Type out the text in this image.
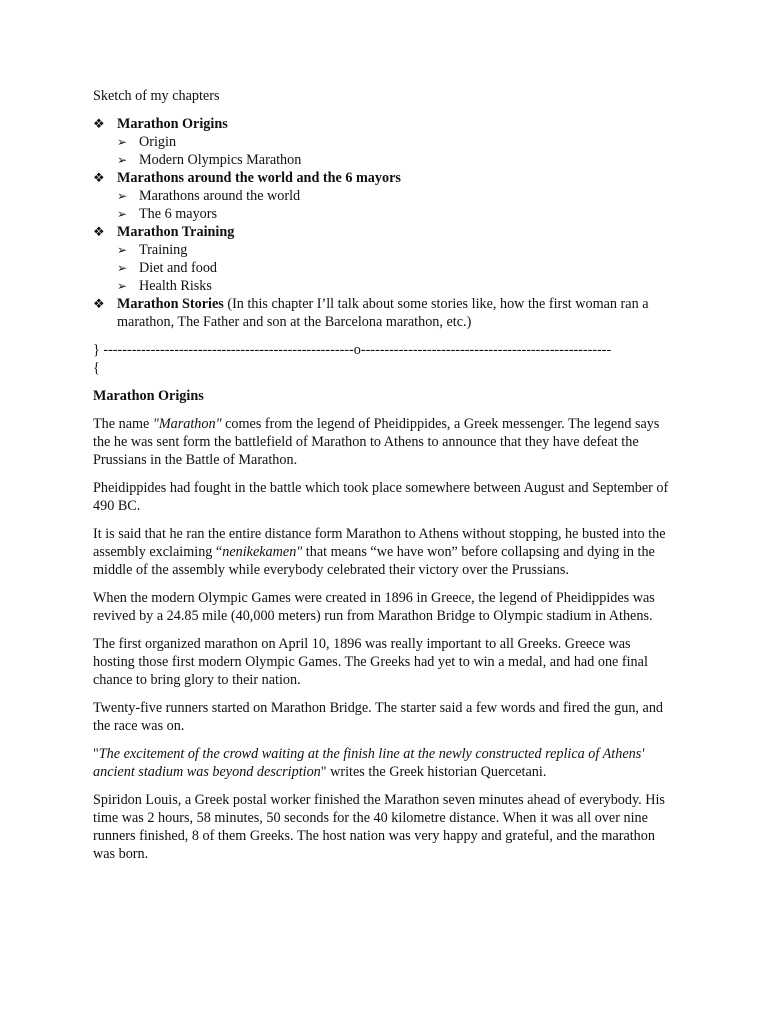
Sketch of my chapters

❖ Marathon Origins
➢ Origin
➢ Modern Olympics Marathon
❖ Marathons around the world and the 6 mayors
➢ Marathons around the world
➢ The 6 mayors
❖ Marathon Training
➢ Training
➢ Diet and food
➢ Health Risks
❖ Marathon Stories (In this chapter I’ll talk about some stories like, how the first woman ran a marathon, The Father and son at the Barcelona marathon, etc.)

} -----------------------------------------------------o-----------------------------------------------------

{

Marathon Origins

The name "Marathon" comes from the legend of Pheidippides, a Greek messenger. The legend says the he was sent form the battlefield of Marathon to Athens to announce that they have defeat the Prussians in the Battle of Marathon.

Pheidippides had fought in the battle which took place somewhere between August and September of 490 BC.

It is said that he ran the entire distance form Marathon to Athens without stopping, he busted into the assembly exclaiming “nenikekamen" that means “we have won” before collapsing and dying in the middle of the assembly while everybody celebrated their victory over the Prussians.

When the modern Olympic Games were created in 1896 in Greece, the legend of Pheidippides was revived by a 24.85 mile (40,000 meters) run from Marathon Bridge to Olympic stadium in Athens.

The first organized marathon on April 10, 1896 was really important to all Greeks. Greece was hosting those first modern Olympic Games. The Greeks had yet to win a medal, and had one final chance to bring glory to their nation.

Twenty-five runners started on Marathon Bridge. The starter said a few words and fired the gun, and the race was on.

"The excitement of the crowd waiting at the finish line at the newly constructed replica of Athens' ancient stadium was beyond description" writes the Greek historian Quercetani.

Spiridon Louis, a Greek postal worker finished the Marathon seven minutes ahead of everybody. His time was 2 hours, 58 minutes, 50 seconds for the 40 kilometre distance. When it was all over nine runners finished, 8 of them Greeks. The host nation was very happy and grateful, and the marathon was born.
